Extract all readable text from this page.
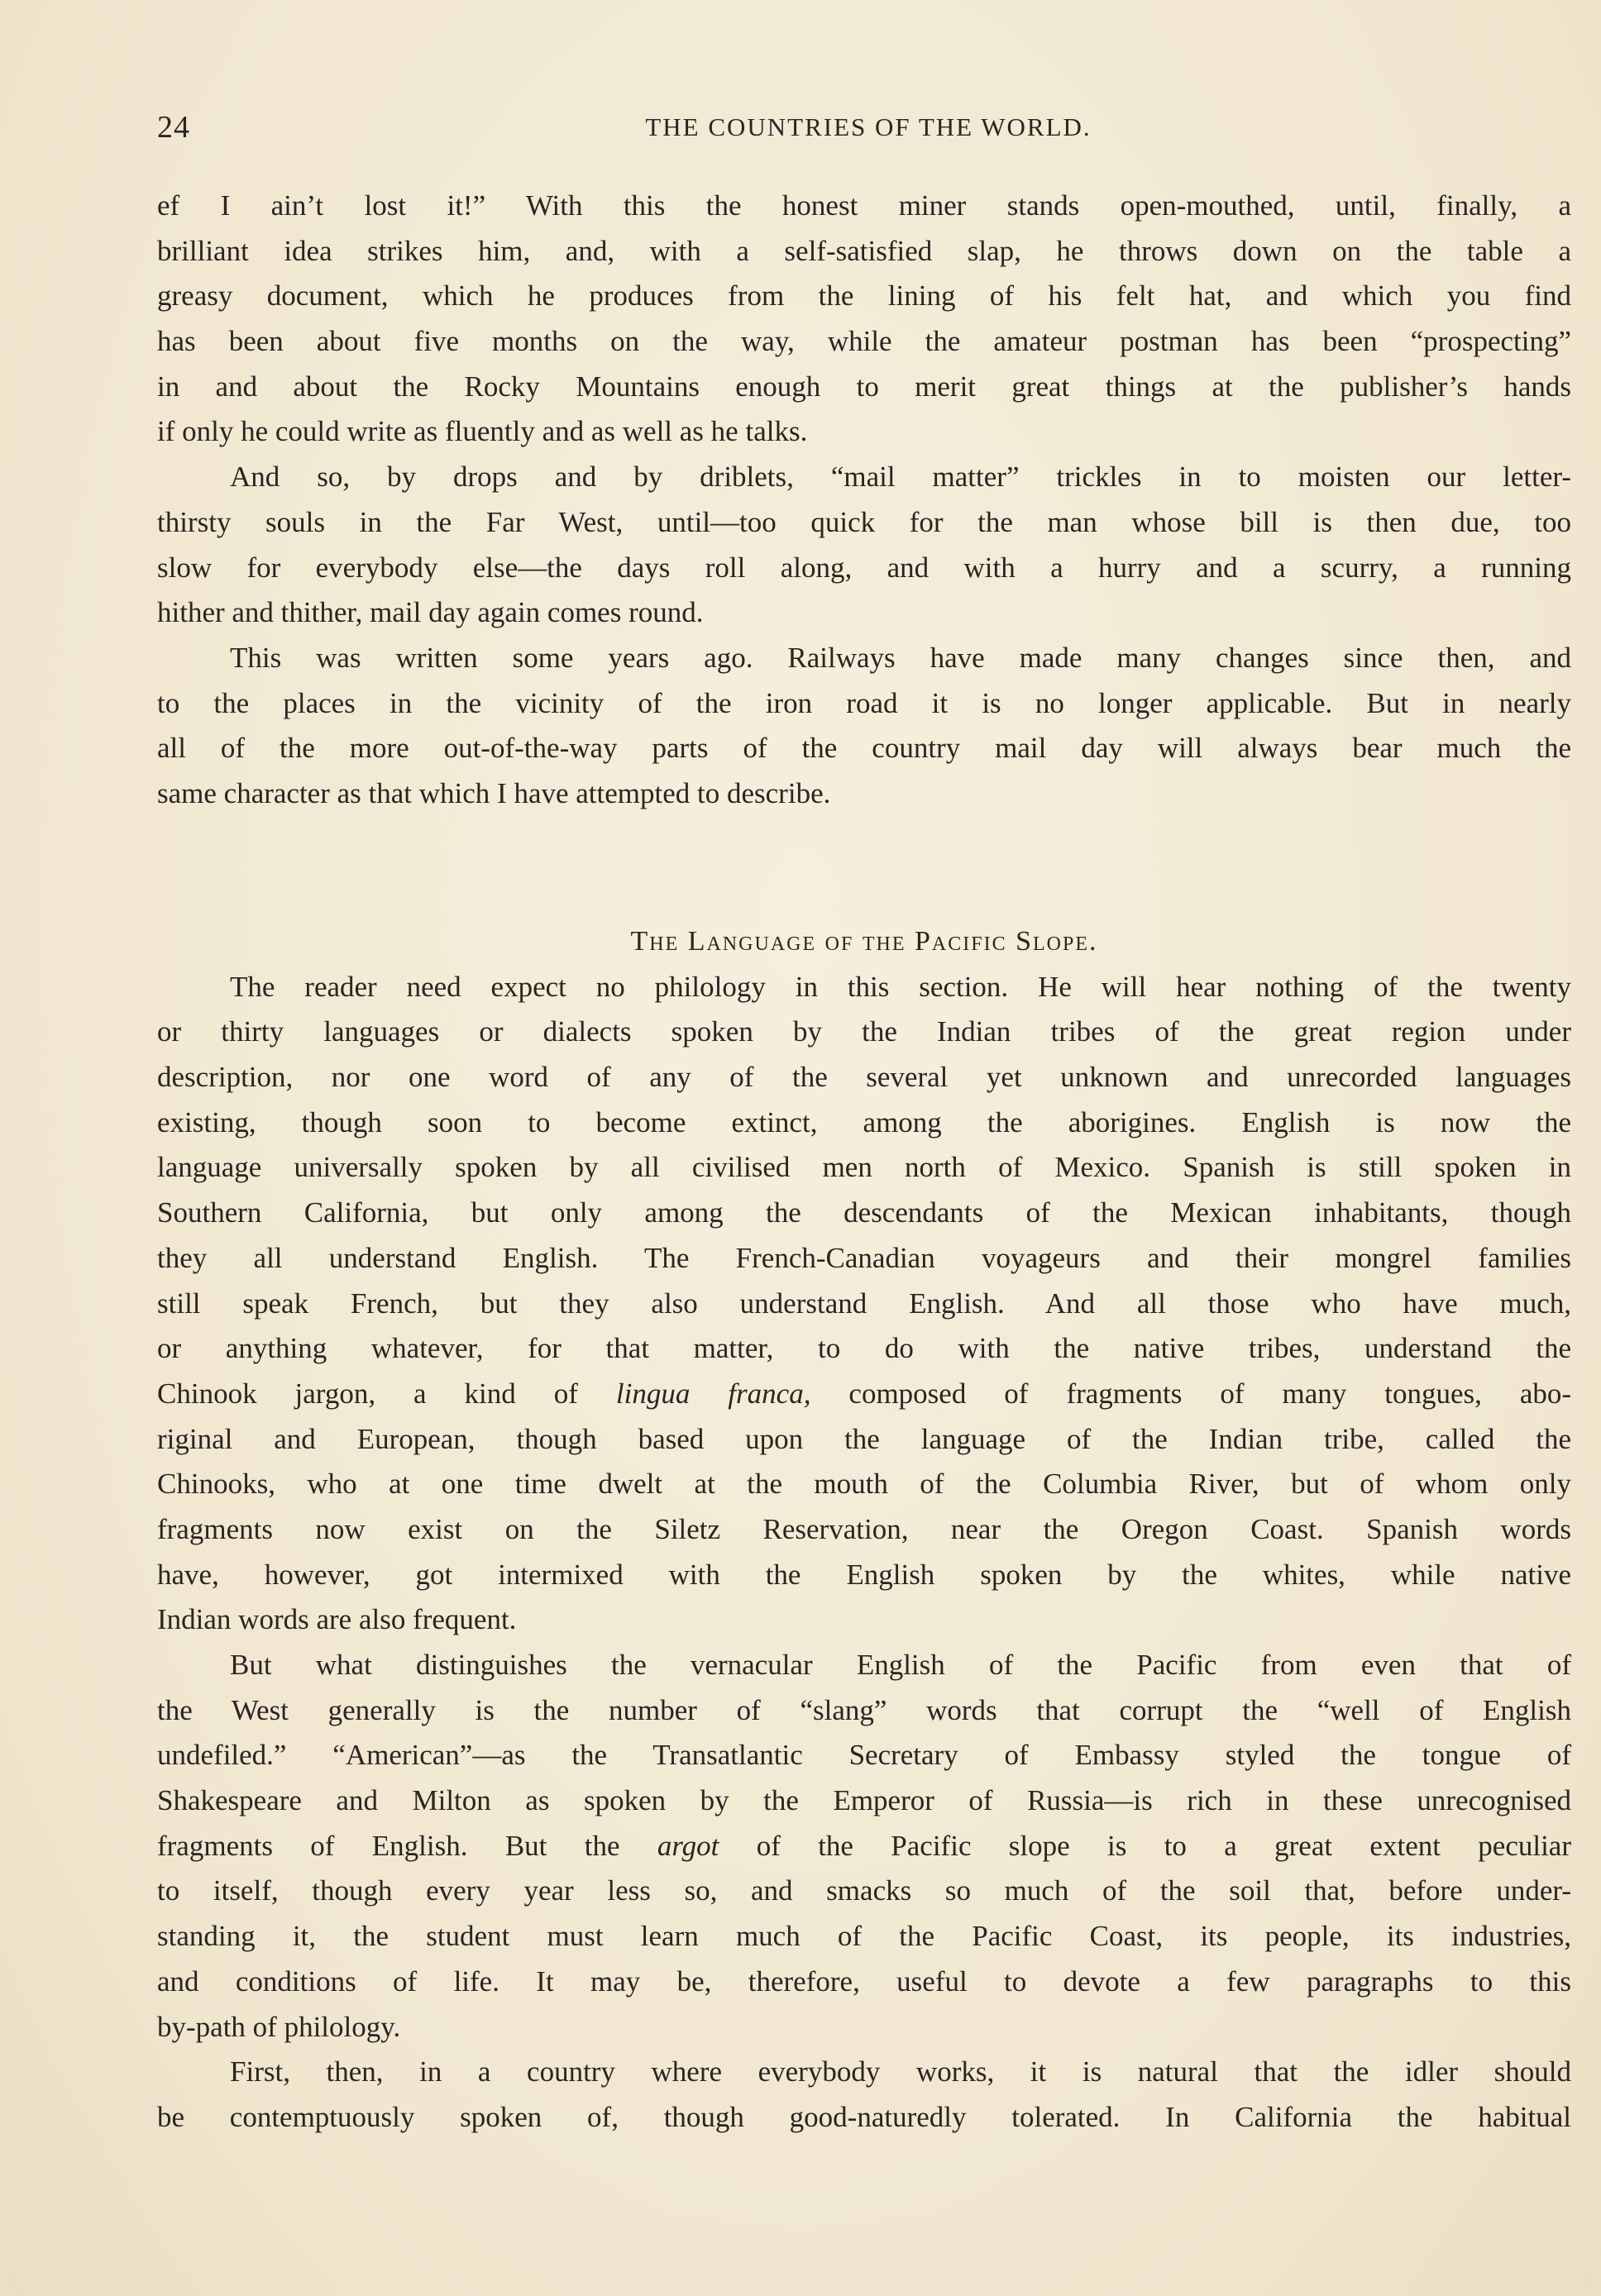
24	THE COUNTRIES OF THE WORLD.
ef I ain’t lost it!” With this the honest miner stands open-mouthed, until, finally, a
brilliant idea strikes him, and, with a self-satisfied slap, he throws down on the table a
greasy document, which he produces from the lining of his felt hat, and which you find
has been about five months on the way, while the amateur postman has been “prospecting”
in and about the Rocky Mountains enough to merit great things at the publisher’s hands
if only he could write as fluently and as well as he talks.
And so, by drops and by driblets, “mail matter” trickles in to moisten our letter-
thirsty souls in the Far West, until—too quick for the man whose bill is then due, too
slow for everybody else—the days roll along, and with a hurry and a scurry, a running
hither and thither, mail day again comes round.
This was written some years ago. Railways have made many changes since then, and
to the places in the vicinity of the iron road it is no longer applicable. But in nearly
all of the more out-of-the-way parts of the country mail day will always bear much the
same character as that which I have attempted to describe.
The Language of the Pacific Slope.
The reader need expect no philology in this section. He will hear nothing of the twenty
or thirty languages or dialects spoken by the Indian tribes of the great region under
description, nor one word of any of the several yet unknown and unrecorded languages
existing, though soon to become extinct, among the aborigines. English is now the
language universally spoken by all civilised men north of Mexico. Spanish is still spoken in
Southern California, but only among the descendants of the Mexican inhabitants, though
they all understand English. The French-Canadian voyageurs and their mongrel families
still speak French, but they also understand English. And all those who have much,
or anything whatever, for that matter, to do with the native tribes, understand the
Chinook jargon, a kind of lingua franca, composed of fragments of many tongues, abo-
riginal and European, though based upon the language of the Indian tribe, called the
Chinooks, who at one time dwelt at the mouth of the Columbia River, but of whom only
fragments now exist on the Siletz Reservation, near the Oregon Coast. Spanish words
have, however, got intermixed with the English spoken by the whites, while native
Indian words are also frequent.
But what distinguishes the vernacular English of the Pacific from even that of
the West generally is the number of “slang” words that corrupt the “well of English
undefiled.” “American”—as the Transatlantic Secretary of Embassy styled the tongue of
Shakespeare and Milton as spoken by the Emperor of Russia—is rich in these unrecognised
fragments of English. But the argot of the Pacific slope is to a great extent peculiar
to itself, though every year less so, and smacks so much of the soil that, before under-
standing it, the student must learn much of the Pacific Coast, its people, its industries,
and conditions of life. It may be, therefore, useful to devote a few paragraphs to this
by-path of philology.
First, then, in a country where everybody works, it is natural that the idler should
be contemptuously spoken of, though good-naturedly tolerated. In California the habitual
